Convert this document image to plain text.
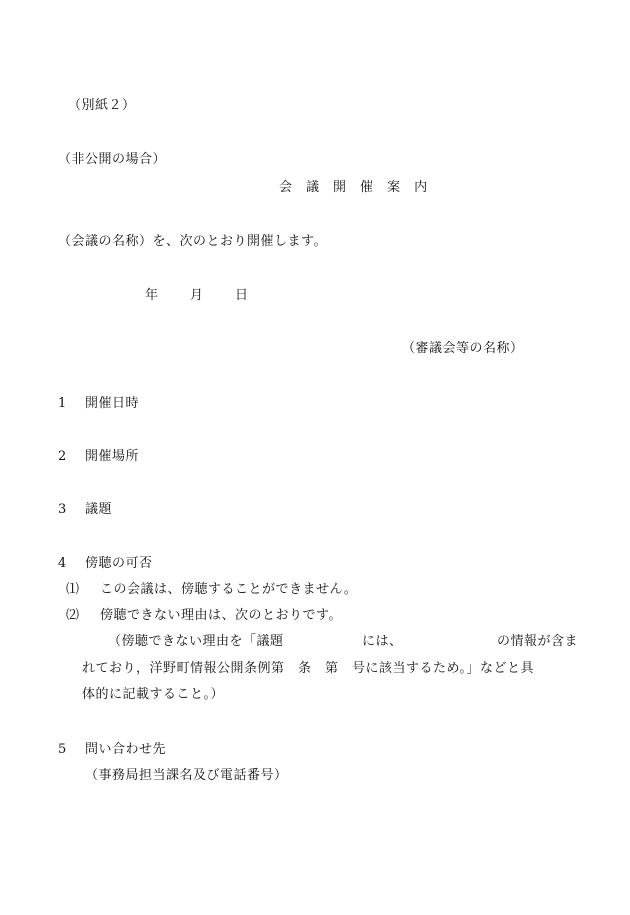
（別紙２）
（非公開の場合）
会 議 開 催 案 内
（会議の名称）を、次のとおり開催します。
年 月 日
（審議会等の名称）
1 開催日時
2 開催場所
3 議題
4 傍聴の可否
⑴ この会議は、傍聴することができません。
⑵ 傍聴できない理由は、次のとおりです。
（傍聴できない理由を「議題	には、	の情報が含ま
れており，洋野町情報公開条例第　条　第　号に該当するため。」などと具
体的に記載すること。）
5 問い合わせ先
（事務局担当課名及び電話番号）
